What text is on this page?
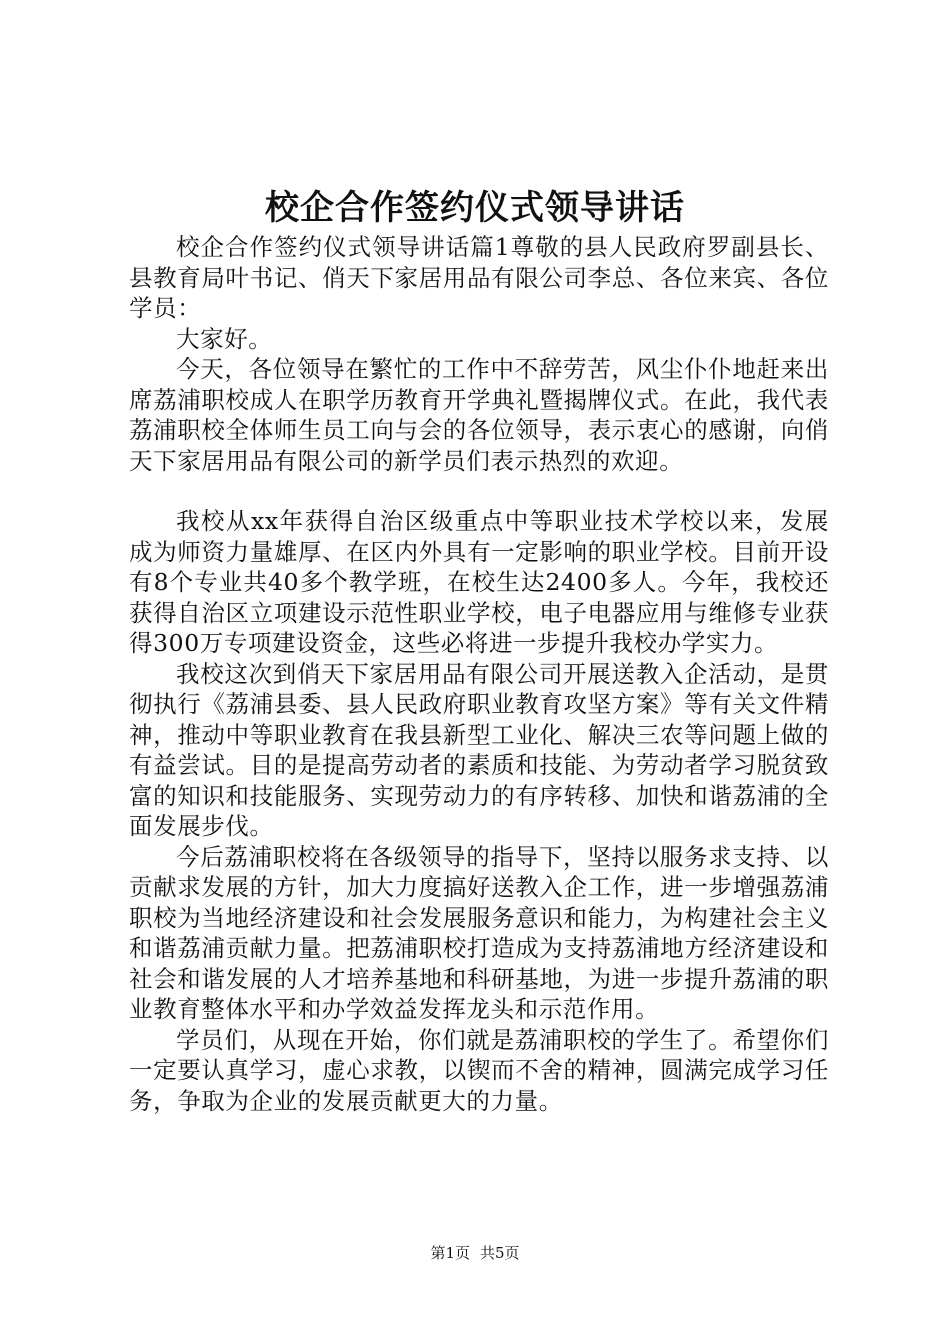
校企合作签约仪式领导讲话

校企合作签约仪式领导讲话篇1尊敬的县人民政府罗副县长、县教育局叶书记、俏天下家居用品有限公司李总、各位来宾、各位学员：

大家好。

今天，各位领导在繁忙的工作中不辞劳苦，风尘仆仆地赶来出席荔浦职校成人在职学历教育开学典礼暨揭牌仪式。在此，我代表荔浦职校全体师生员工向与会的各位领导，表示衷心的感谢，向俏天下家居用品有限公司的新学员们表示热烈的欢迎。

我校从xx年获得自治区级重点中等职业技术学校以来，发展成为师资力量雄厚、在区内外具有一定影响的职业学校。目前开设有8个专业共40多个教学班，在校生达2400多人。今年，我校还获得自治区立项建设示范性职业学校，电子电器应用与维修专业获得300万专项建设资金，这些必将进一步提升我校办学实力。

我校这次到俏天下家居用品有限公司开展送教入企活动，是贯彻执行《荔浦县委、县人民政府职业教育攻坚方案》等有关文件精神，推动中等职业教育在我县新型工业化、解决三农等问题上做的有益尝试。目的是提高劳动者的素质和技能、为劳动者学习脱贫致富的知识和技能服务、实现劳动力的有序转移、加快和谐荔浦的全面发展步伐。

今后荔浦职校将在各级领导的指导下，坚持以服务求支持、以贡献求发展的方针，加大力度搞好送教入企工作，进一步增强荔浦职校为当地经济建设和社会发展服务意识和能力，为构建社会主义和谐荔浦贡献力量。把荔浦职校打造成为支持荔浦地方经济建设和社会和谐发展的人才培养基地和科研基地，为进一步提升荔浦的职业教育整体水平和办学效益发挥龙头和示范作用。

学员们，从现在开始，你们就是荔浦职校的学生了。希望你们一定要认真学习，虚心求教，以锲而不舍的精神，圆满完成学习任务，争取为企业的发展贡献更大的力量。

第1页 共5页
